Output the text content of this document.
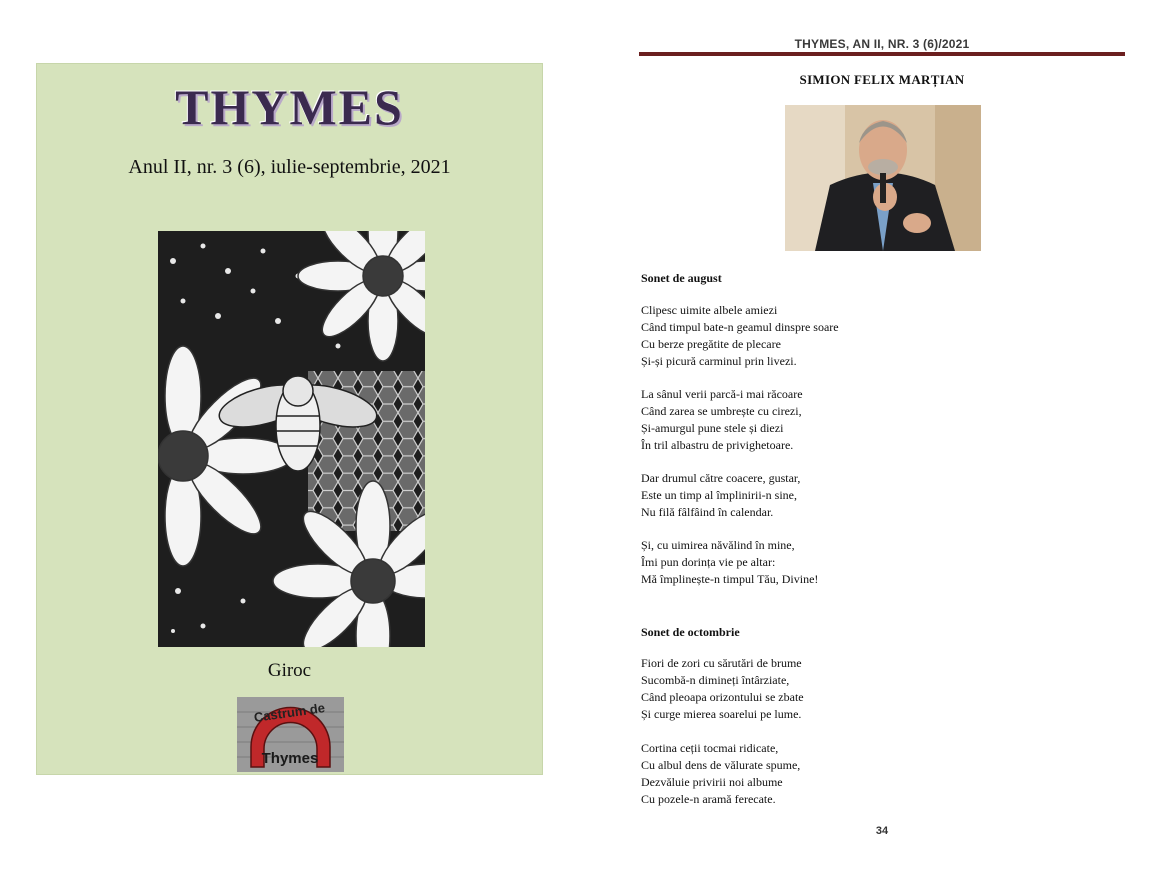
THYMES
Anul II, nr. 3 (6), iulie-septembrie, 2021
Giroc
Castrum de
Thymes
THYMES, AN II, NR. 3 (6)/2021
SIMION FELIX MARȚIAN
Sonet de august
Clipesc uimite albele amiezi
Când timpul bate-n geamul dinspre soare
Cu berze pregătite de plecare
Și-și picură carminul prin livezi.
La sânul verii parcă-i mai răcoare
Când zarea se umbrește cu cirezi,
Și-amurgul pune stele și diezi
În tril albastru de privighetoare.
Dar drumul către coacere, gustar,
Este un timp al împlinirii-n sine,
Nu filă fâlfâind în calendar.
Și, cu uimirea năvălind în mine,
Îmi pun dorința vie pe altar:
Mă împlinește-n timpul Tău, Divine!
Sonet de octombrie
Fiori de zori cu sărutări de brume
Sucombă-n dimineți întârziate,
Când pleoapa orizontului se zbate
Și curge mierea soarelui pe lume.
Cortina ceții tocmai ridicate,
Cu albul dens de vălurate spume,
Dezvăluie privirii noi albume
Cu pozele-n aramă ferecate.
34
